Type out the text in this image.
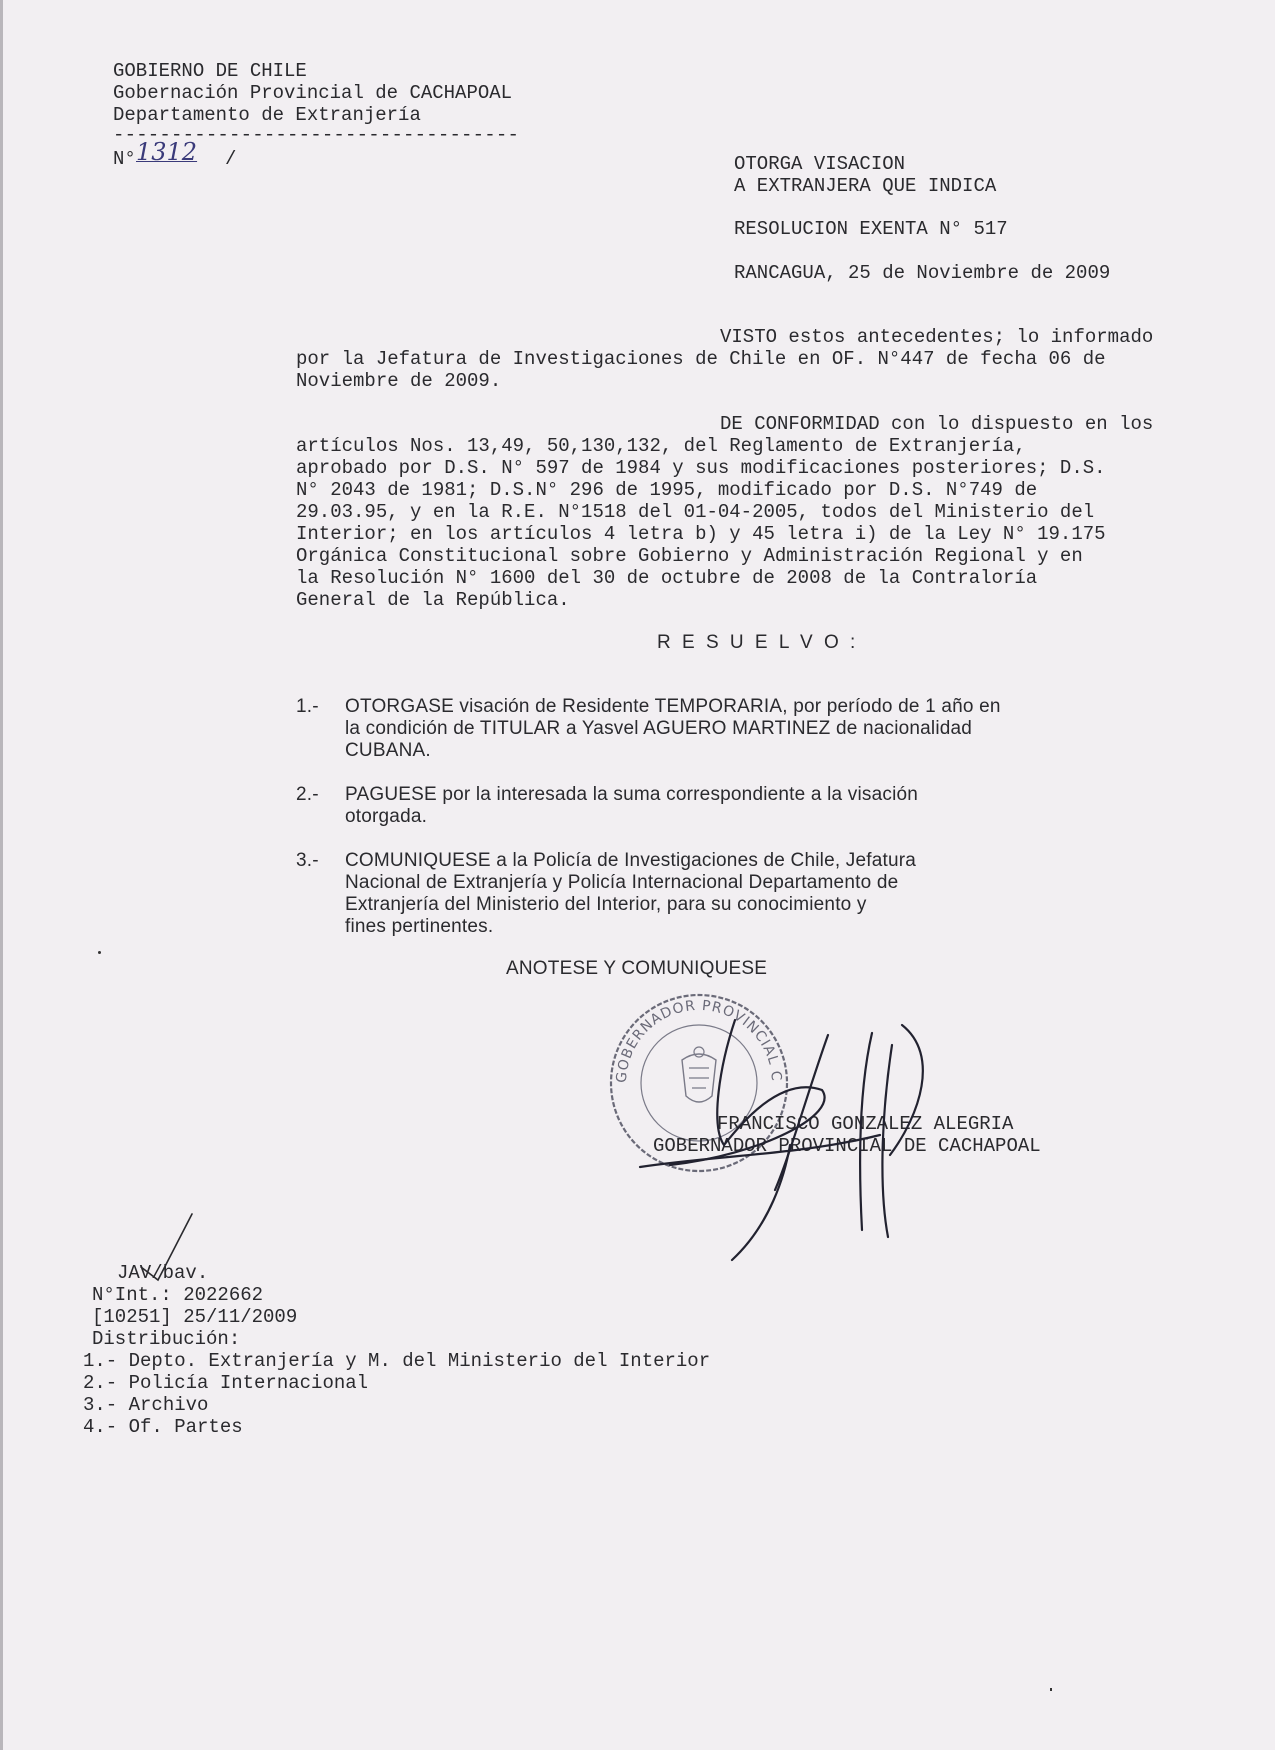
GOBIERNO DE CHILE
Gobernación Provincial de CACHAPOAL
Departamento de Extranjería
-----------------------------------
N° 1312 /	OTORGA VISACION
A EXTRANJERA QUE INDICA
RESOLUCION EXENTA N° 517
RANCAGUA, 25 de Noviembre de 2009
VISTO estos antecedentes; lo informado
por la Jefatura de Investigaciones de Chile en OF. N°447 de fecha 06 de
Noviembre de 2009.
DE CONFORMIDAD con lo dispuesto en los
artículos Nos. 13,49, 50,130,132, del Reglamento de Extranjería,
aprobado por D.S. N° 597 de 1984 y sus modificaciones posteriores; D.S.
N° 2043 de 1981; D.S.N° 296 de 1995, modificado por D.S. N°749 de
29.03.95, y en la R.E. N°1518 del 01-04-2005, todos del Ministerio del
Interior; en los artículos 4 letra b) y 45 letra i) de la Ley N° 19.175
Orgánica Constitucional sobre Gobierno y Administración Regional y en
la Resolución N° 1600 del 30 de octubre de 2008 de la Contraloría
General de la República.
R E S U E L V O :
1.- OTORGASE visación de Residente TEMPORARIA, por período de 1 año en
la condición de TITULAR a Yasvel AGUERO MARTINEZ de nacionalidad
CUBANA.
2.- PAGUESE por la interesada la suma correspondiente a la visación
otorgada.
3.- COMUNIQUESE a la Policía de Investigaciones de Chile, Jefatura
Nacional de Extranjería y Policía Internacional Departamento de
Extranjería del Ministerio del Interior, para su conocimiento y
fines pertinentes.
ANOTESE Y COMUNIQUESE
GOBERNADOR PROVINCIAL CACHAPOAL
FRANCISCO GONZALEZ ALEGRIA
GOBERNADOR PROVINCIAL DE CACHAPOAL
JAV/bav.
N°Int.: 2022662
[10251] 25/11/2009
Distribución:
1.- Depto. Extranjería y M. del Ministerio del Interior
2.- Policía Internacional
3.- Archivo
4.- Of. Partes
